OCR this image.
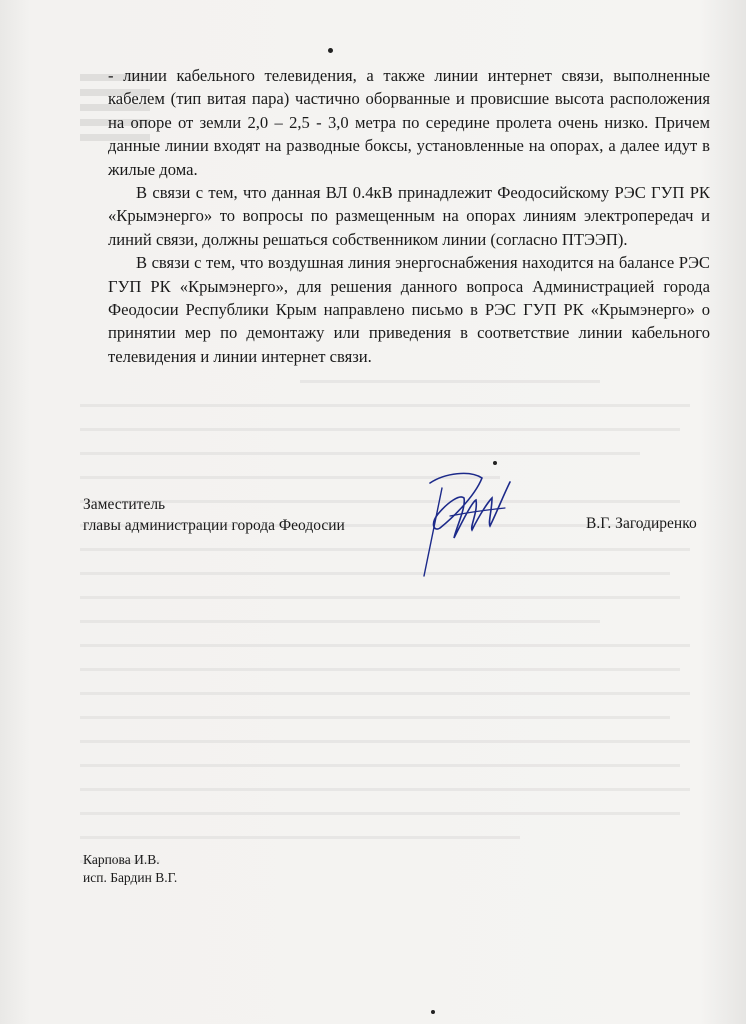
- линии кабельного телевидения, а также линии интернет связи, выполненные кабелем (тип витая пара) частично оборванные и провисшие высота расположения на опоре от земли 2,0 – 2,5 - 3,0 метра по середине пролета очень низко. Причем данные линии входят на разводные боксы, установленные на опорах, а далее идут в жилые дома.

В связи с тем, что данная ВЛ 0.4кВ принадлежит Феодосийскому РЭС ГУП РК «Крымэнерго» то вопросы по размещенным на опорах линиям электропередач и линий связи, должны решаться собственником линии (согласно ПТЭЭП).

В связи с тем, что воздушная линия энергоснабжения находится на балансе РЭС ГУП РК «Крымэнерго», для решения данного вопроса Администрацией города Феодосии Республики Крым направлено письмо в РЭС ГУП РК «Крымэнерго» о принятии мер по демонтажу или приведения в соответствие линии кабельного телевидения и линии интернет связи.

Заместитель
главы администрации города Феодосии	В.Г. Загодиренко
Карпова И.В.
исп. Бардин В.Г.
